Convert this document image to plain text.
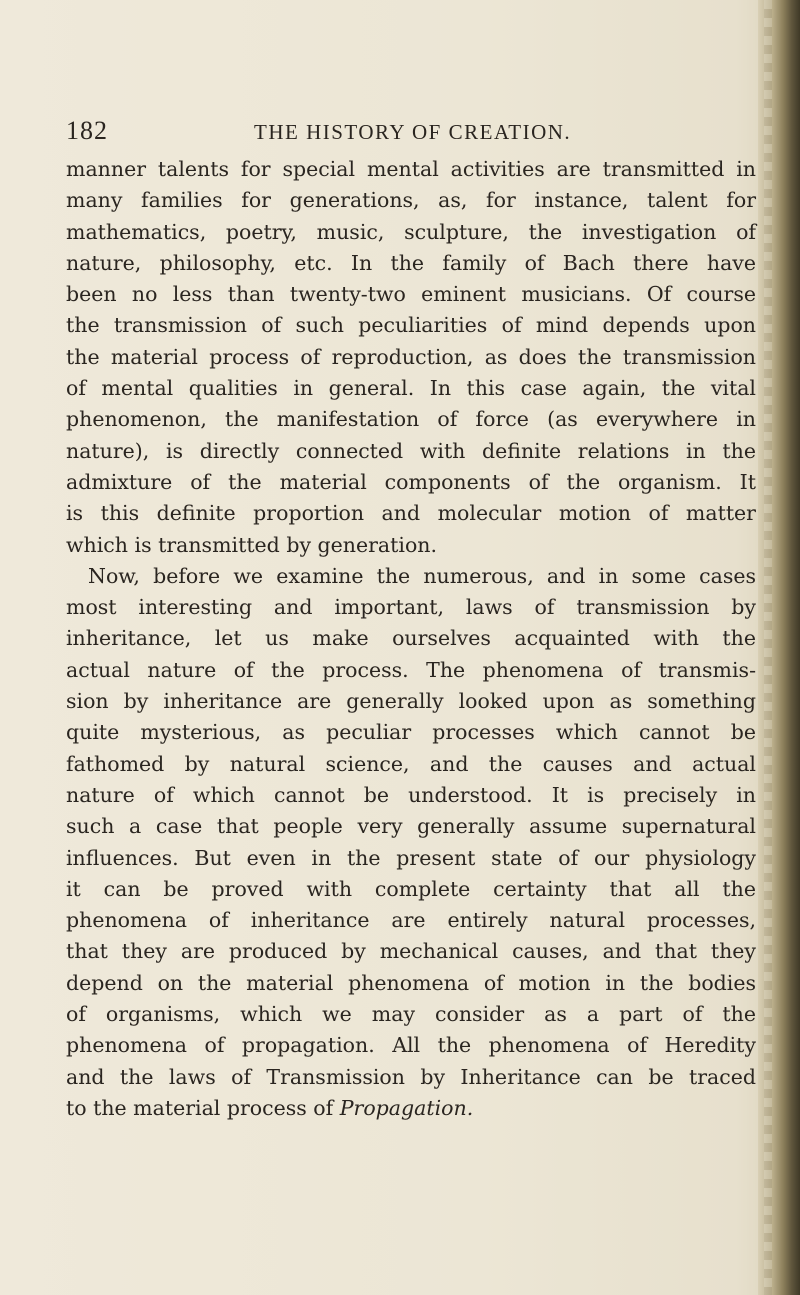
182	THE HISTORY OF CREATION.
manner talents for special mental activities are transmitted in
many families for generations, as, for instance, talent for
mathematics, poetry, music, sculpture, the investigation of
nature, philosophy, etc. In the family of Bach there have
been no less than twenty-two eminent musicians. Of course
the transmission of such peculiarities of mind depends upon
the material process of reproduction, as does the transmission
of mental qualities in general. In this case again, the vital
phenomenon, the manifestation of force (as everywhere in
nature), is directly connected with definite relations in the
admixture of the material components of the organism. It
is this definite proportion and molecular motion of matter
which is transmitted by generation.
Now, before we examine the numerous, and in some cases
most interesting and important, laws of transmission by
inheritance, let us make ourselves acquainted with the
actual nature of the process. The phenomena of transmis-
sion by inheritance are generally looked upon as something
quite mysterious, as peculiar processes which cannot be
fathomed by natural science, and the causes and actual
nature of which cannot be understood. It is precisely in
such a case that people very generally assume supernatural
influences. But even in the present state of our physiology
it can be proved with complete certainty that all the
phenomena of inheritance are entirely natural processes,
that they are produced by mechanical causes, and that they
depend on the material phenomena of motion in the bodies
of organisms, which we may consider as a part of the
phenomena of propagation. All the phenomena of Heredity
and the laws of Transmission by Inheritance can be traced
to the material process of Propagation.
